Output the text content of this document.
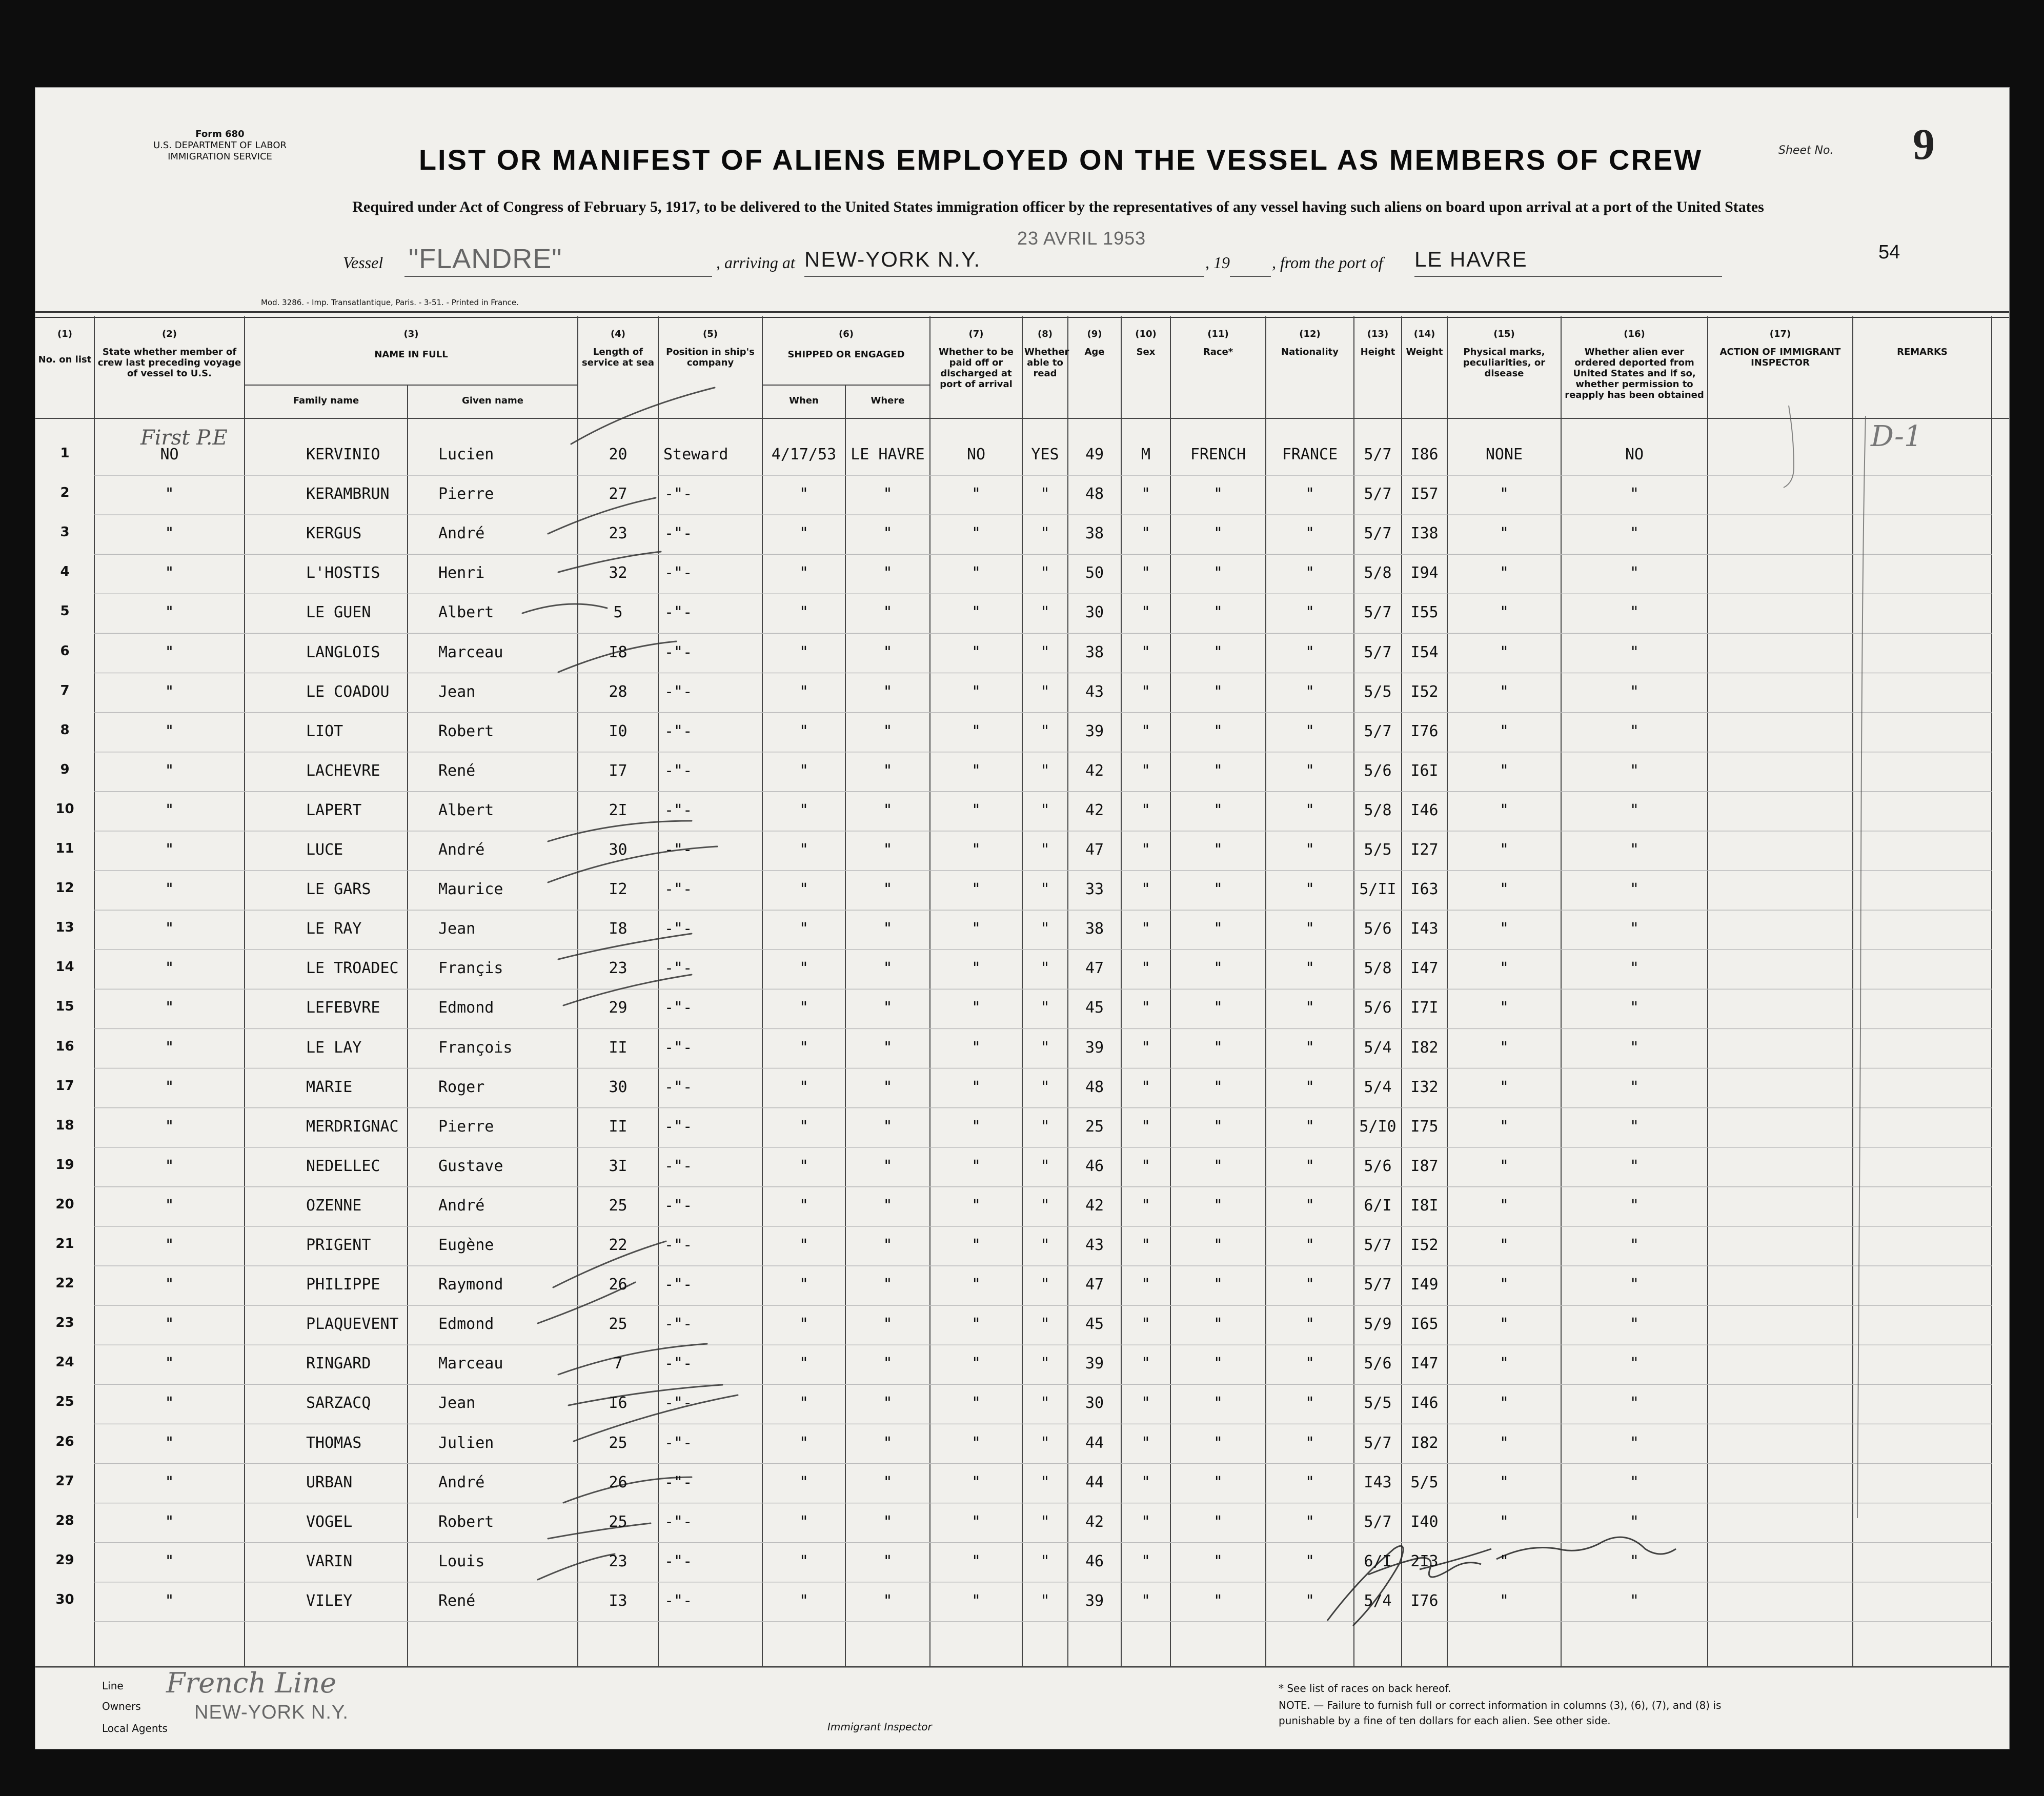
Form 680
U.S. DEPARTMENT OF LABOR
IMMIGRATION SERVICE	LIST OR MANIFEST OF ALIENS EMPLOYED ON THE VESSEL AS MEMBERS OF CREW	Sheet No. 9
Required under Act of Congress of February 5, 1917, to be delivered to the United States immigration officer by the representatives of any vessel having such aliens on board upon arrival at a port of the United States
Vessel "FLANDRE"	, arriving at NEW-YORK N.Y.
23 AVRIL 1953
, 19	, from the port of LE HAVRE	54
Mod. 3286. - Imp. Transatlantique, Paris. - 3-51. - Printed in France.
(1)
No. on list
(2)
State whether member of crew last preceding voyage of vessel to U.S.
(3)
NAME IN FULL
Family name	Given name
(4)
Length of service at sea
(5)
Position in ship's company
(6)
SHIPPED OR ENGAGED
When	Where
(7)
Whether to be paid off or discharged at port of arrival
(8)
Whether able to read
(9)
Age
(10)
Sex
(11)
Race*
(12)
Nationality
(13)
Height
(14)
Weight
(15)
Physical marks, peculiarities, or disease
(16)
Whether alien ever ordered deported from United States and if so, whether permission to reapply has been obtained
(17)
ACTION OF IMMIGRANT INSPECTOR
REMARKS
1	NO	KERVINIO	Lucien	20	Steward	4/17/53 LE HAVRE	NO	YES	49	M	FRENCH	FRANCE	5/7	I86	NONE	NO
2	"	KERAMBRUN	Pierre	27	-"-	"	"	"	"	48	"	"	"	5/7	I57	"	"
3	"	KERGUS	André	23	-"-	"	"	"	"	38	"	"	"	5/7	I38	"	"
4	"	L'HOSTIS	Henri	32	-"-	"	"	"	"	50	"	"	"	5/8	I94	"	"
5	"	LE GUEN	Albert	5	-"-	"	"	"	"	30	"	"	"	5/7	I55	"	"
6	"	LANGLOIS	Marceau	I8	-"-	"	"	"	"	38	"	"	"	5/7	I54	"	"
7	"	LE COADOU	Jean	28	-"-	"	"	"	"	43	"	"	"	5/5	I52	"	"
8	"	LIOT	Robert	I0	-"-	"	"	"	"	39	"	"	"	5/7	I76	"	"
9	"	LACHEVRE	René	I7	-"-	"	"	"	"	42	"	"	"	5/6	I6I	"	"
10	"	LAPERT	Albert	2I	-"-	"	"	"	"	42	"	"	"	5/8	I46	"	"
11	"	LUCE	André	30	-"-	"	"	"	"	47	"	"	"	5/5	I27	"	"
12	"	LE GARS	Maurice	I2	-"-	"	"	"	"	33	"	"	"	5/II I63	"	"
13	"	LE RAY	Jean	I8	-"-	"	"	"	"	38	"	"	"	5/6	I43	"	"
14	"	LE TROADEC	Françis	23	-"-	"	"	"	"	47	"	"	"	5/8	I47	"	"
15	"	LEFEBVRE	Edmond	29	-"-	"	"	"	"	45	"	"	"	5/6	I7I	"	"
16	"	LE LAY	François	II	-"-	"	"	"	"	39	"	"	"	5/4	I82	"	"
17	"	MARIE	Roger	30	-"-	"	"	"	"	48	"	"	"	5/4	I32	"	"
18	"	MERDRIGNAC	Pierre	II	-"-	"	"	"	"	25	"	"	"	5/I0 I75	"	"
19	"	NEDELLEC	Gustave	3I	-"-	"	"	"	"	46	"	"	"	5/6	I87	"	"
20	"	OZENNE	André	25	-"-	"	"	"	"	42	"	"	"	6/I	I8I	"	"
21	"	PRIGENT	Eugène	22	-"-	"	"	"	"	43	"	"	"	5/7	I52	"	"
22	"	PHILIPPE	Raymond	26	-"-	"	"	"	"	47	"	"	"	5/7	I49	"	"
23	"	PLAQUEVENT	Edmond	25	-"-	"	"	"	"	45	"	"	"	5/9	I65	"	"
24	"	RINGARD	Marceau	7	-"-	"	"	"	"	39	"	"	"	5/6	I47	"	"
25	"	SARZACQ	Jean	I6	-"-	"	"	"	"	30	"	"	"	5/5	I46	"	"
26	"	THOMAS	Julien	25	-"-	"	"	"	"	44	"	"	"	5/7	I82	"	"
27	"	URBAN	André	26	-"-	"	"	"	"	44	"	"	"	I43	5/5	"	"
28	"	VOGEL	Robert	25	-"-	"	"	"	"	42	"	"	"	5/7	I40	"	"
29	"	VARIN	Louis	23	-"-	"	"	"	"	46	"	"	"	6/I	2I3	"	"
30	"	VILEY	René	I3	-"-	"	"	"	"	39	"	"	"	5/4	I76	"	"
First P.E	D-1
Line
Owners
Local Agents
French Line
NEW-YORK N.Y.
Immigrant Inspector
* See list of races on back hereof.
NOTE. — Failure to furnish full or correct information in columns (3), (6), (7), and (8) is punishable by a fine of ten dollars for each alien. See other side.
